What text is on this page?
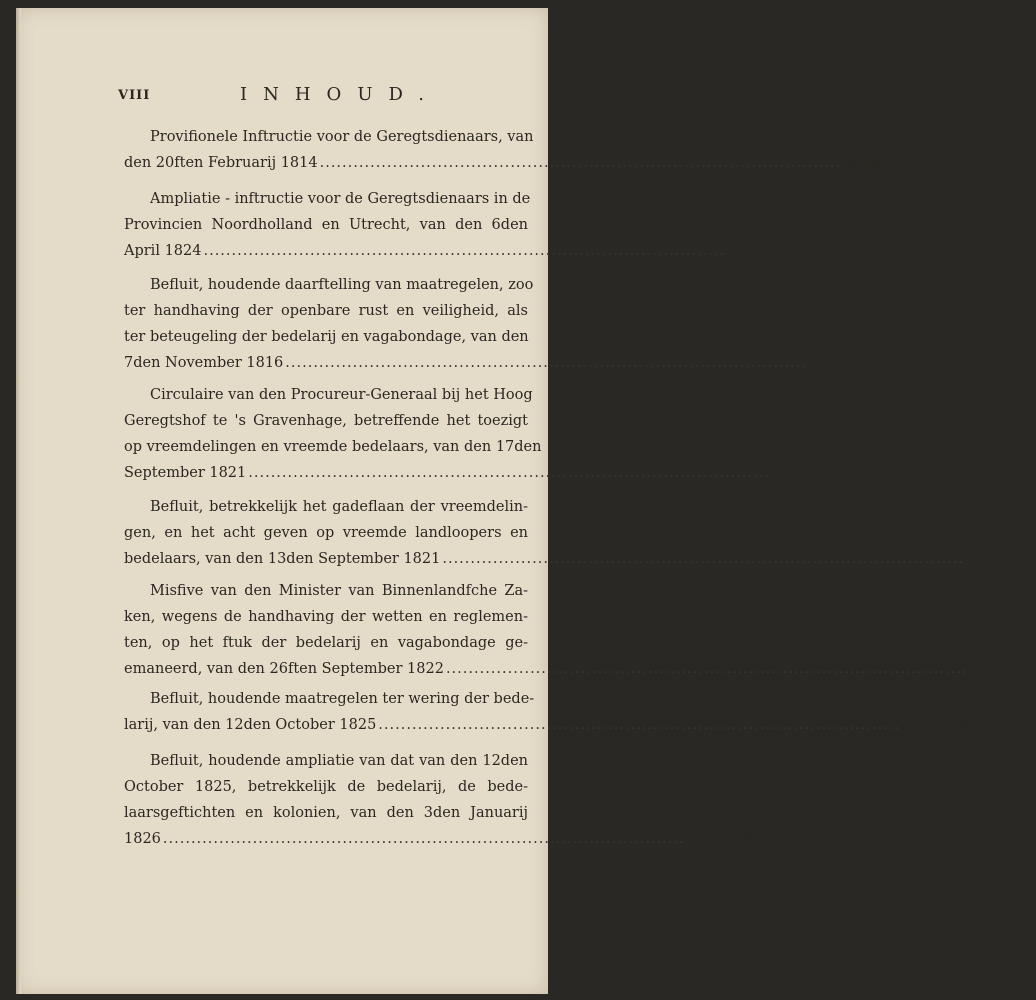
VIII	INHOUD.
Provifionele Inftructie voor de Geregtsdienaars, van
den 20ften Februarij 1814 ............................................................................................. Bladz. 16
Ampliatie - inftructie voor de Geregtsdienaars in de
Provincien Noordholland en Utrecht, van den 6den
April 1824 .............................................................................................	» 19
Befluit, houdende daarftelling van maatregelen, zoo
ter handhaving der openbare rust en veiligheid, als
ter beteugeling der bedelarij en vagabondage, van den
7den November 1816 .............................................................................................	» 26
Circulaire van den Procureur-Generaal bij het Hoog
Geregtshof te 's Gravenhage, betreffende het toezigt
op vreemdelingen en vreemde bedelaars, van den 17den
September 1821 .............................................................................................	» 29
Befluit, betrekkelijk het gadeflaan der vreemdelin-
gen, en het acht geven op vreemde landloopers en
bedelaars, van den 13den September 1821 .............................................................................................	» 31
Misfive van den Minister van Binnenlandfche Za-
ken, wegens de handhaving der wetten en reglemen-
ten, op het ftuk der bedelarij en vagabondage ge-
emaneerd, van den 26ften September 1822 .............................................................................................	» 33
Befluit, houdende maatregelen ter wering der bede-
larij, van den 12den October 1825 .............................................................................................	» 34
Befluit, houdende ampliatie van dat van den 12den
October 1825, betrekkelijk de bedelarij, de bede-
laarsgeftichten en kolonien, van den 3den Januarij
1826 .............................................................................................	» 38
